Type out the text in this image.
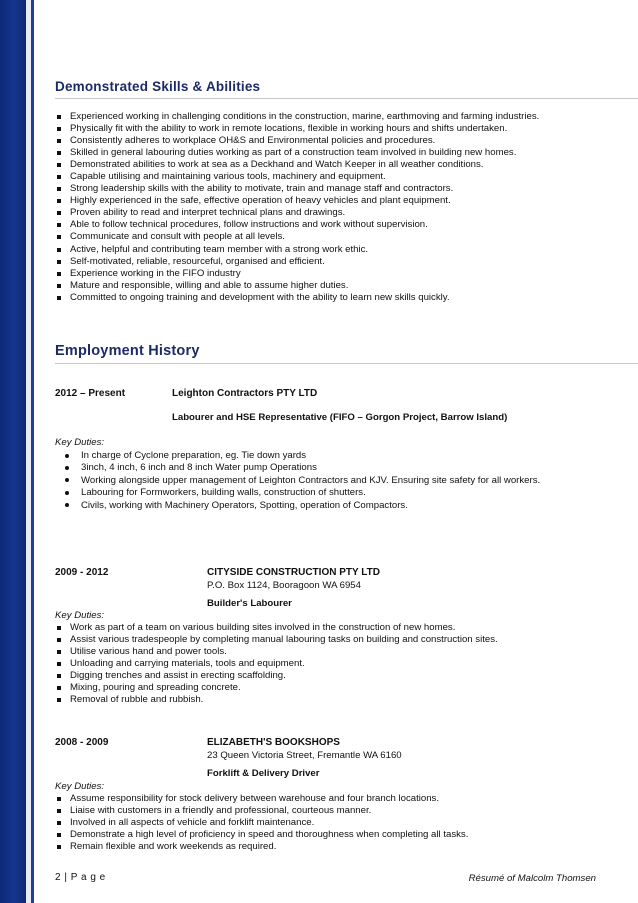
Demonstrated Skills & Abilities
Experienced working in challenging conditions in the construction, marine, earthmoving and farming industries.
Physically fit with the ability to work in remote locations, flexible in working hours and shifts undertaken.
Consistently adheres to workplace OH&S and Environmental policies and procedures.
Skilled in general labouring duties working as part of a construction team involved in building new homes.
Demonstrated abilities to work at sea as a Deckhand and Watch Keeper in all weather conditions.
Capable utilising and maintaining various tools, machinery and equipment.
Strong leadership skills with the ability to motivate, train and manage staff and contractors.
Highly experienced in the safe, effective operation of heavy vehicles and plant equipment.
Proven ability to read and interpret technical plans and drawings.
Able to follow technical procedures, follow instructions and work without supervision.
Communicate and consult with people at all levels.
Active, helpful and contributing team member with a strong work ethic.
Self-motivated, reliable, resourceful, organised and efficient.
Experience working in the FIFO industry
Mature and responsible, willing and able to assume higher duties.
Committed to ongoing training and development with the ability to learn new skills quickly.
Employment History
2012 – Present	Leighton Contractors PTY LTD
Labourer and HSE Representative (FIFO – Gorgon Project, Barrow Island)
Key Duties:
In charge of Cyclone preparation, eg. Tie down yards
3inch, 4 inch, 6 inch and 8 inch Water pump Operations
Working alongside upper management of Leighton Contractors and KJV. Ensuring site safety for all workers.
Labouring for Formworkers, building walls, construction of shutters.
Civils, working with Machinery Operators, Spotting, operation of Compactors.
2009 - 2012	CITYSIDE CONSTRUCTION PTY LTD
P.O. Box 1124, Booragoon WA 6954
Builder's Labourer
Key Duties:
Work as part of a team on various building sites involved in the construction of new homes.
Assist various tradespeople by completing manual labouring tasks on building and construction sites.
Utilise various hand and power tools.
Unloading and carrying materials, tools and equipment.
Digging trenches and assist in erecting scaffolding.
Mixing, pouring and spreading concrete.
Removal of rubble and rubbish.
2008 - 2009	ELIZABETH'S BOOKSHOPS
23 Queen Victoria Street, Fremantle WA 6160
Forklift & Delivery Driver
Key Duties:
Assume responsibility for stock delivery between warehouse and four branch locations.
Liaise with customers in a friendly and professional, courteous manner.
Involved in all aspects of vehicle and forklift maintenance.
Demonstrate a high level of proficiency in speed and thoroughness when completing all tasks.
Remain flexible and work weekends as required.
2 | P a g e	Résumé of Malcolm Thomsen
